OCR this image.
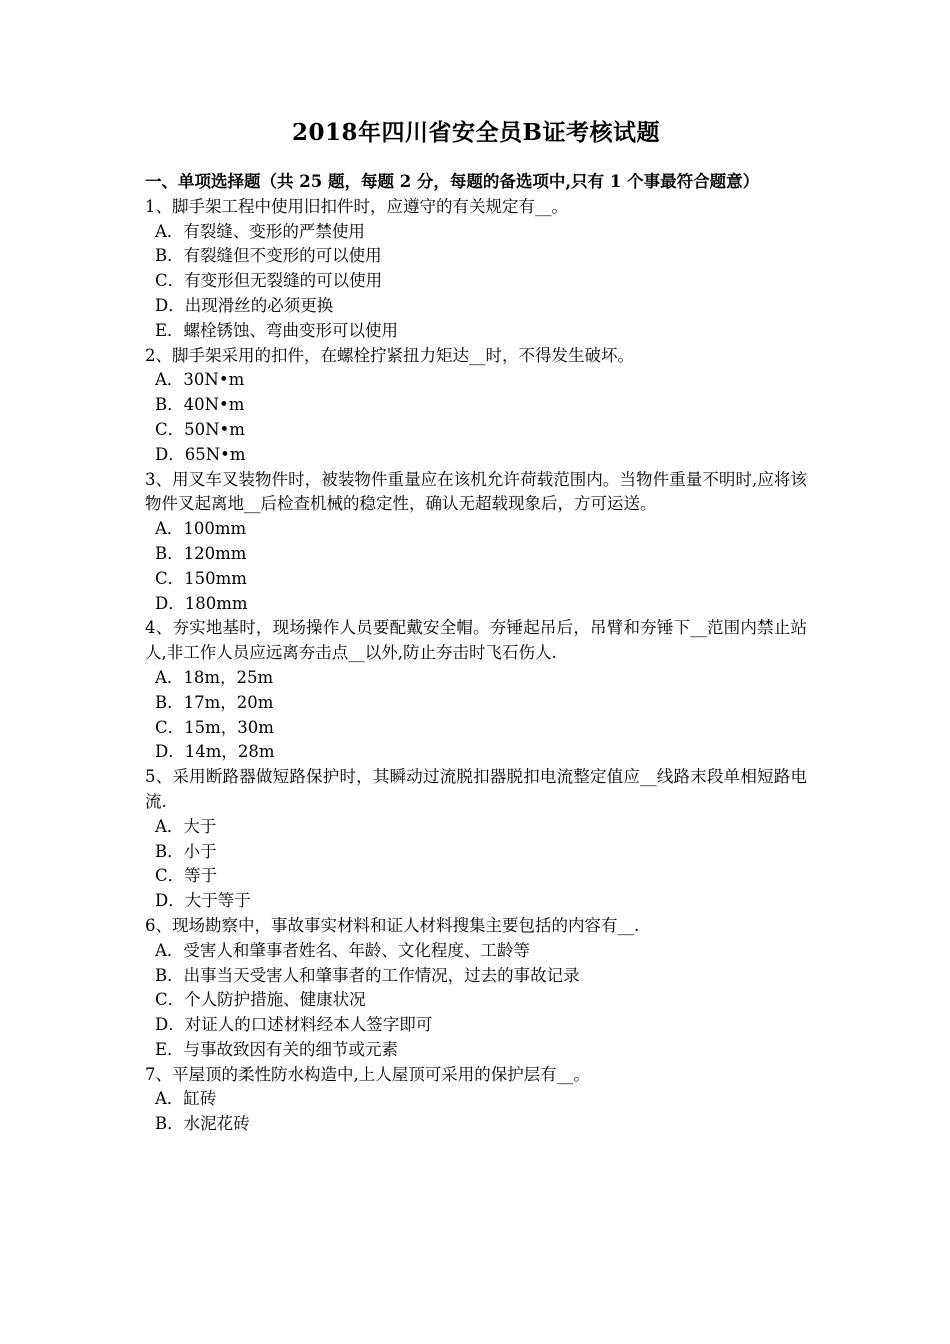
2018年四川省安全员B证考核试题
一、单项选择题（共 25 题，每题 2 分，每题的备选项中,只有 1 个事最符合题意）
1、脚手架工程中使用旧扣件时，应遵守的有关规定有__。
A．有裂缝、变形的严禁使用
B．有裂缝但不变形的可以使用
C．有变形但无裂缝的可以使用
D．出现滑丝的必须更换
E．螺栓锈蚀、弯曲变形可以使用
2、脚手架采用的扣件，在螺栓拧紧扭力矩达__时，不得发生破坏。
A．30N•m
B．40N•m
C．50N•m
D．65N•m
3、用叉车叉装物件时，被装物件重量应在该机允许荷载范围内。当物件重量不明时,应将该物件叉起离地__后检查机械的稳定性，确认无超载现象后，方可运送。
A．100mm
B．120mm
C．150mm
D．180mm
4、夯实地基时，现场操作人员要配戴安全帽。夯锤起吊后，吊臂和夯锤下__范围内禁止站人,非工作人员应远离夯击点__以外,防止夯击时飞石伤人.
A．18m，25m
B．17m，20m
C．15m，30m
D．14m，28m
5、采用断路器做短路保护时，其瞬动过流脱扣器脱扣电流整定值应__线路末段单相短路电流.
A．大于
B．小于
C．等于
D．大于等于
6、现场勘察中，事故事实材料和证人材料搜集主要包括的内容有__.
A．受害人和肇事者姓名、年龄、文化程度、工龄等
B．出事当天受害人和肇事者的工作情况，过去的事故记录
C．个人防护措施、健康状况
D．对证人的口述材料经本人签字即可
E．与事故致因有关的细节或元素
7、平屋顶的柔性防水构造中,上人屋顶可采用的保护层有__。
A．缸砖
B．水泥花砖
